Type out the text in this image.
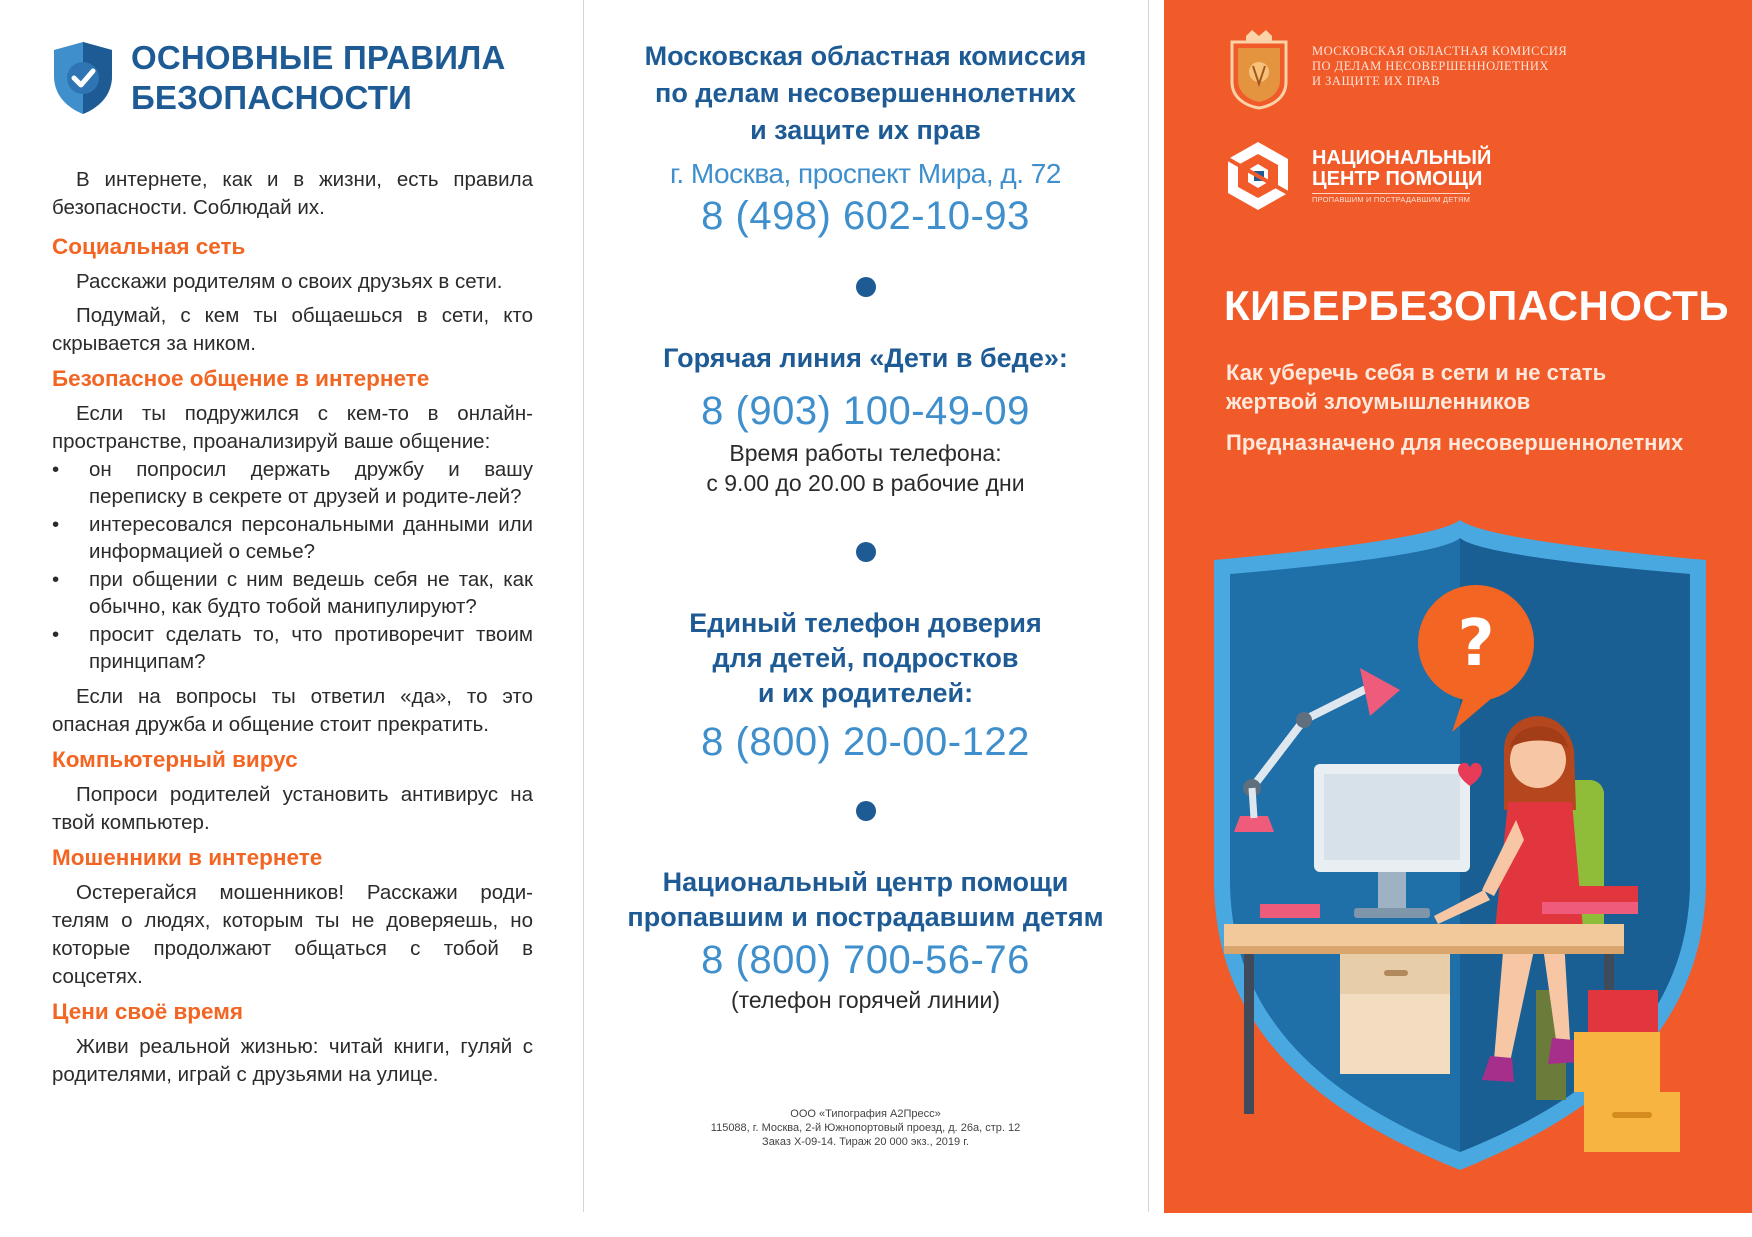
ОСНОВНЫЕ ПРАВИЛА

БЕЗОПАСНОСТИ

В интернете, как и в жизни, есть правила безопасности. Соблюдай их.

Социальная сеть

Расскажи родителям о своих друзьях в сети.

Подумай, с кем ты общаешься в сети, кто скрывается за ником.

Безопасное общение в интернете

Если ты подружился с кем-то в онлайн-пространстве, проанализируй ваше общение:

• он попросил держать дружбу и вашу переписку в секрете от друзей и родите-лей?
• интересовался персональными данными или информацией о семье?
• при общении с ним ведешь себя не так, как обычно, как будто тобой манипулируют?
• просит сделать то, что противоречит твоим принципам?

Если на вопросы ты ответил «да», то это опасная дружба и общение стоит прекратить.

Компьютерный вирус

Попроси родителей установить антивирус на твой компьютер.

Мошенники в интернете

Остерегайся мошенников! Расскажи роди-телям о людях, которым ты не доверяешь, но которые продолжают общаться с тобой в соцсетях.

Цени своё время

Живи реальной жизнью: читай книги, гуляй с родителями, играй с друзьями на улице.

Московская областная комиссия

по делам несовершеннолетних

и защите их прав

г. Москва, проспект Мира, д. 72

8 (498) 602-10-93

Горячая линия «Дети в беде»:

8 (903) 100-49-09

Время работы телефона:

с 9.00 до 20.00 в рабочие дни

Единый телефон доверия

для детей, подростков

и их родителей:

8 (800) 20-00-122

Национальный центр помощи

пропавшим и пострадавшим детям

8 (800) 700-56-76

(телефон горячей линии)

ООО «Типография А2Пресс»

115088, г. Москва, 2-й Южнопортовый проезд, д. 26а, стр. 12

Заказ Х-09-14. Тираж 20 000 экз., 2019 г.

МОСКОВСКАЯ ОБЛАСТНАЯ КОМИССИЯ
ПО ДЕЛАМ НЕСОВЕРШЕННОЛЕТНИХ
И ЗАЩИТЕ ИХ ПРАВ
НАЦИОНАЛЬНЫЙ
ЦЕНТР ПОМОЩИ
ПРОПАВШИМ И ПОСТРАДАВШИМ ДЕТЯМ
КИБЕРБЕЗОПАСНОСТЬ
Как уберечь себя в сети и не стать жертвой злоумышленников
Предназначено для несовершеннолетних
?
